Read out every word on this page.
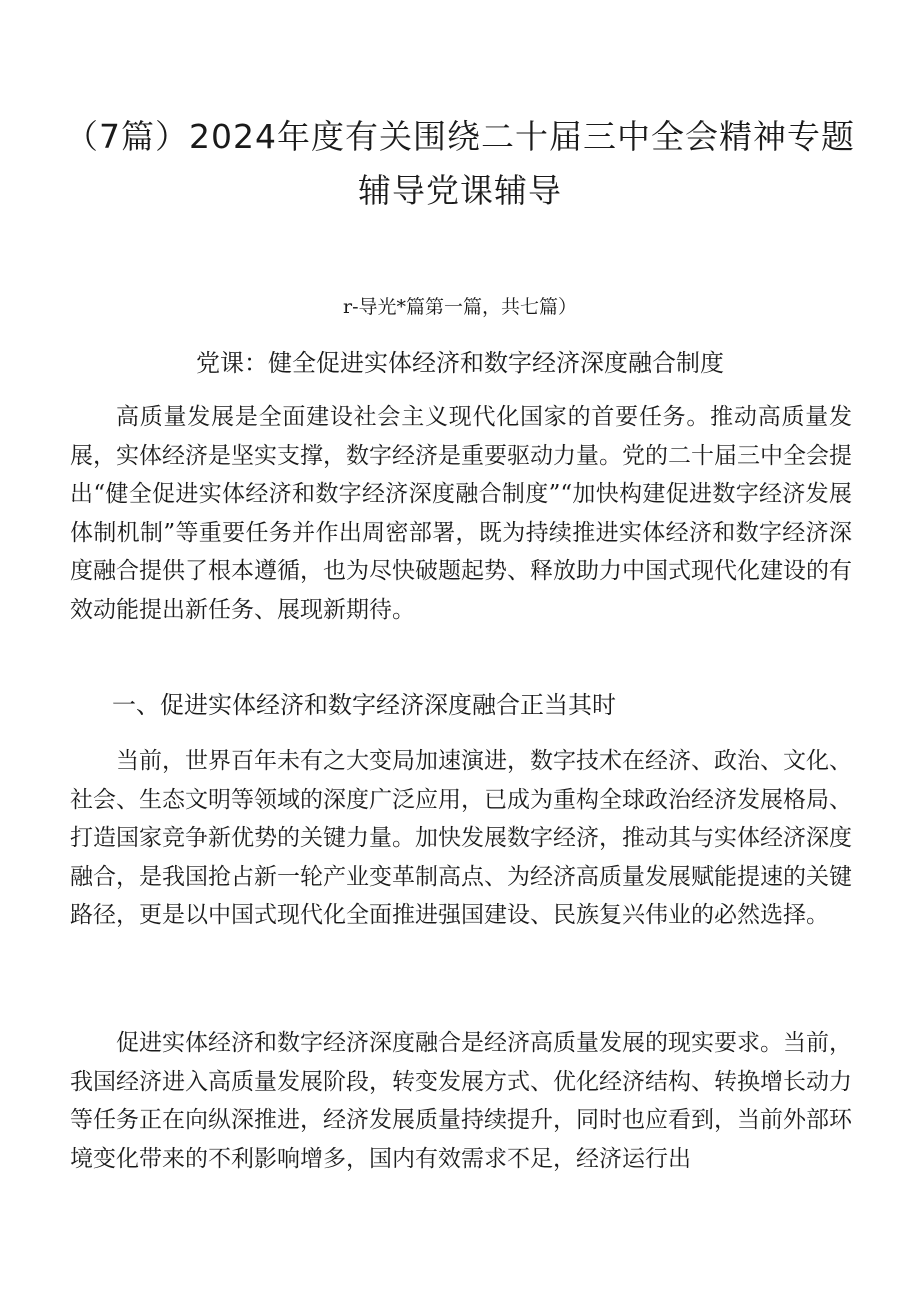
（7篇）2024年度有关围绕二十届三中全会精神专题辅导党课辅导

r-导光*篇第一篇，共七篇）

党课：健全促进实体经济和数字经济深度融合制度

高质量发展是全面建设社会主义现代化国家的首要任务。推动高质量发展，实体经济是坚实支撑，数字经济是重要驱动力量。党的二十届三中全会提出“健全促进实体经济和数字经济深度融合制度”“加快构建促进数字经济发展体制机制”等重要任务并作出周密部署，既为持续推进实体经济和数字经济深度融合提供了根本遵循，也为尽快破题起势、释放助力中国式现代化建设的有效动能提出新任务、展现新期待。

一、促进实体经济和数字经济深度融合正当其时

当前，世界百年未有之大变局加速演进，数字技术在经济、政治、文化、社会、生态文明等领域的深度广泛应用，已成为重构全球政治经济发展格局、打造国家竞争新优势的关键力量。加快发展数字经济，推动其与实体经济深度融合，是我国抢占新一轮产业变革制高点、为经济高质量发展赋能提速的关键路径，更是以中国式现代化全面推进强国建设、民族复兴伟业的必然选择。

促进实体经济和数字经济深度融合是经济高质量发展的现实要求。当前，我国经济进入高质量发展阶段，转变发展方式、优化经济结构、转换增长动力等任务正在向纵深推进，经济发展质量持续提升，同时也应看到，当前外部环境变化带来的不利影响增多，国内有效需求不足，经济运行出
